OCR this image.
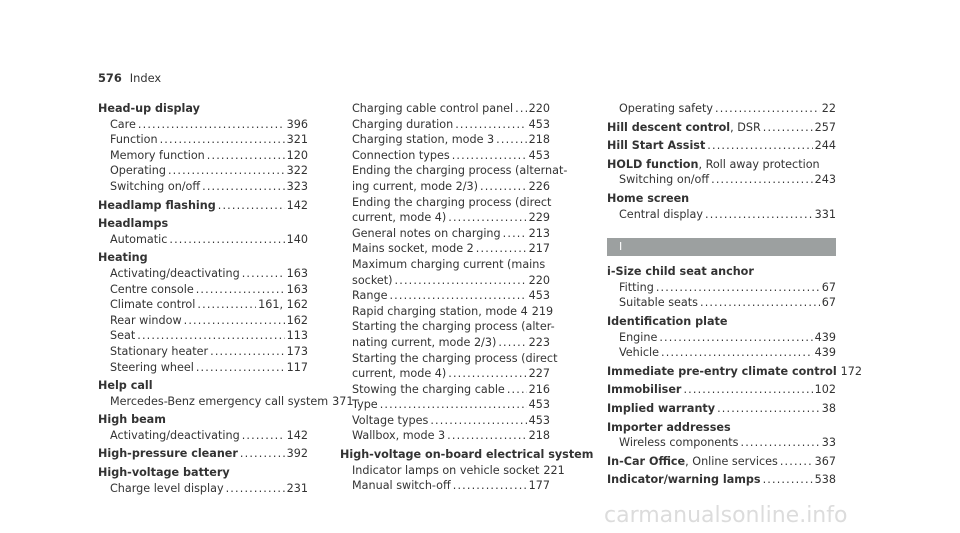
576 Index
Head-up display
Care . . .	396
Function . . .	321
Memory function . . .	120
Operating . . .	322
Switching on/off . . .	323
Headlamp flashing . . .	142
Headlamps
Automatic . . .	140
Heating
Activating/deactivating . . .	163
Centre console . . .	163
Climate control . . .	161, 162
Rear window . . .	162
Seat . . .	113
Stationary heater . . .	173
Steering wheel . . .	117
Help call
Mercedes-Benz emergency call system 371
High beam
Activating/deactivating . . .	142
High-pressure cleaner . . .	392
High-voltage battery
Charge level display . . .	231
Charging cable control panel . . . 220
Charging duration . . .	453
Charging station, mode 3 . . .	218
Connection types . . .	453
Ending the charging process (alternat-
ing current, mode 2/3) . . .	226
Ending the charging process (direct
current, mode 4) . . .	229
General notes on charging . . .	213
Mains socket, mode 2 . . .	217
Maximum charging current (mains
socket) . . .	220
Range . . .	453
Rapid charging station, mode 4 219
Starting the charging process (alter-
nating current, mode 2/3) . . .	223
Starting the charging process (direct
current, mode 4) . . .	227
Stowing the charging cable . . . 216
Type . . .	453
Voltage types . . .	453
Wallbox, mode 3 . . .	218
High-voltage on-board electrical system
Indicator lamps on vehicle socket 221
Manual switch-off . . .	177
Operating safety . . .	22
Hill descent control, DSR . . .	257
Hill Start Assist . . .	244
HOLD function, Roll away protection
Switching on/off . . .	243
Home screen
Central display . . .	331
I
i-Size child seat anchor
Fitting . . .	67
Suitable seats . . .	67
Identification plate
Engine . . .	439
Vehicle . . .	439
Immediate pre-entry climate control 172
Immobiliser . . .	102
Implied warranty . . .	38
Importer addresses
Wireless components . . .	33
In-Car Office, Online services . . .	367
Indicator/warning lamps . . .	538
carmanualsonline.info
